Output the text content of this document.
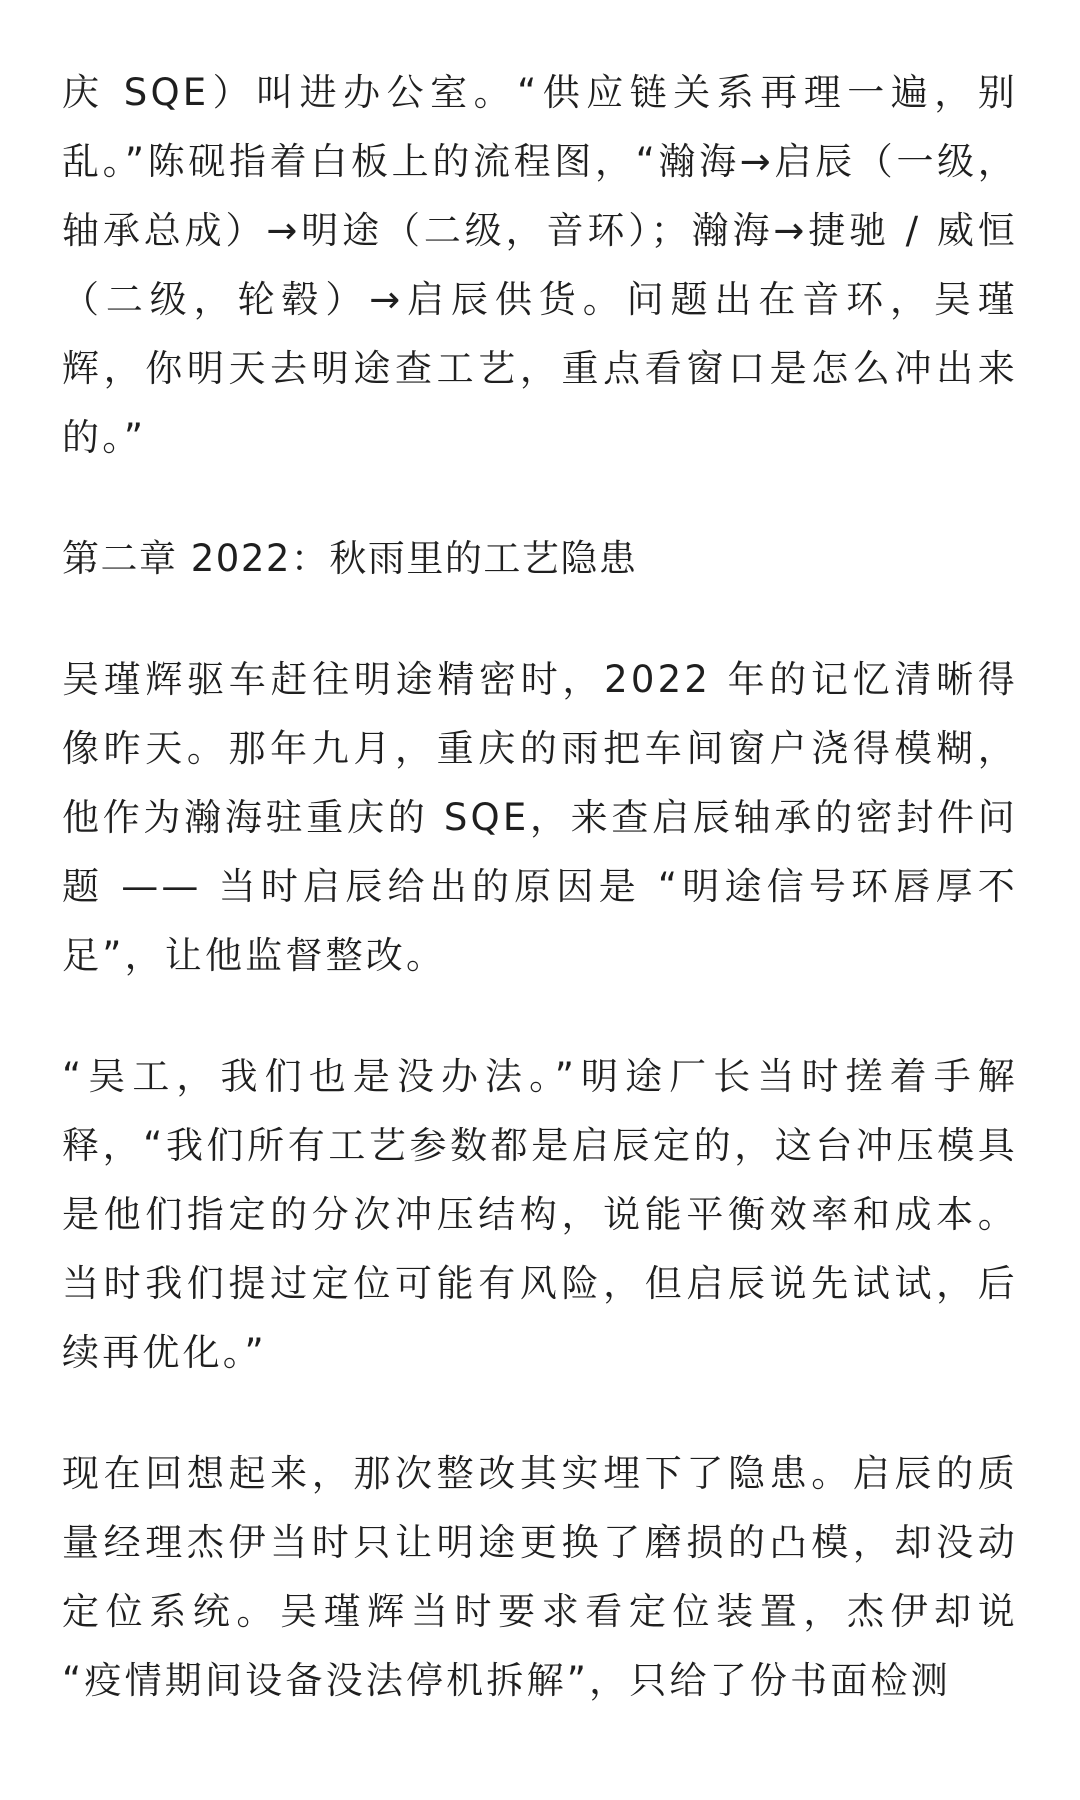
庆 SQE）叫进办公室。“供应链关系再理一遍，别乱。”陈砚指着白板上的流程图，“瀚海→启辰（一级，轴承总成）→明途（二级，音环）；瀚海→捷驰 / 威恒（二级，轮毂）→启辰供货。问题出在音环，吴瑾辉，你明天去明途查工艺，重点看窗口是怎么冲出来的。”

第二章 2022：秋雨里的工艺隐患

吴瑾辉驱车赶往明途精密时，2022 年的记忆清晰得像昨天。那年九月，重庆的雨把车间窗户浇得模糊，他作为瀚海驻重庆的 SQE，来查启辰轴承的密封件问题 —— 当时启辰给出的原因是 “明途信号环唇厚不足”，让他监督整改。

“吴工，我们也是没办法。”明途厂长当时搓着手解释，“我们所有工艺参数都是启辰定的，这台冲压模具是他们指定的分次冲压结构，说能平衡效率和成本。当时我们提过定位可能有风险，但启辰说先试试，后续再优化。”

现在回想起来，那次整改其实埋下了隐患。启辰的质量经理杰伊当时只让明途更换了磨损的凸模，却没动定位系统。吴瑾辉当时要求看定位装置，杰伊却说 “疫情期间设备没法停机拆解”，只给了份书面检测
